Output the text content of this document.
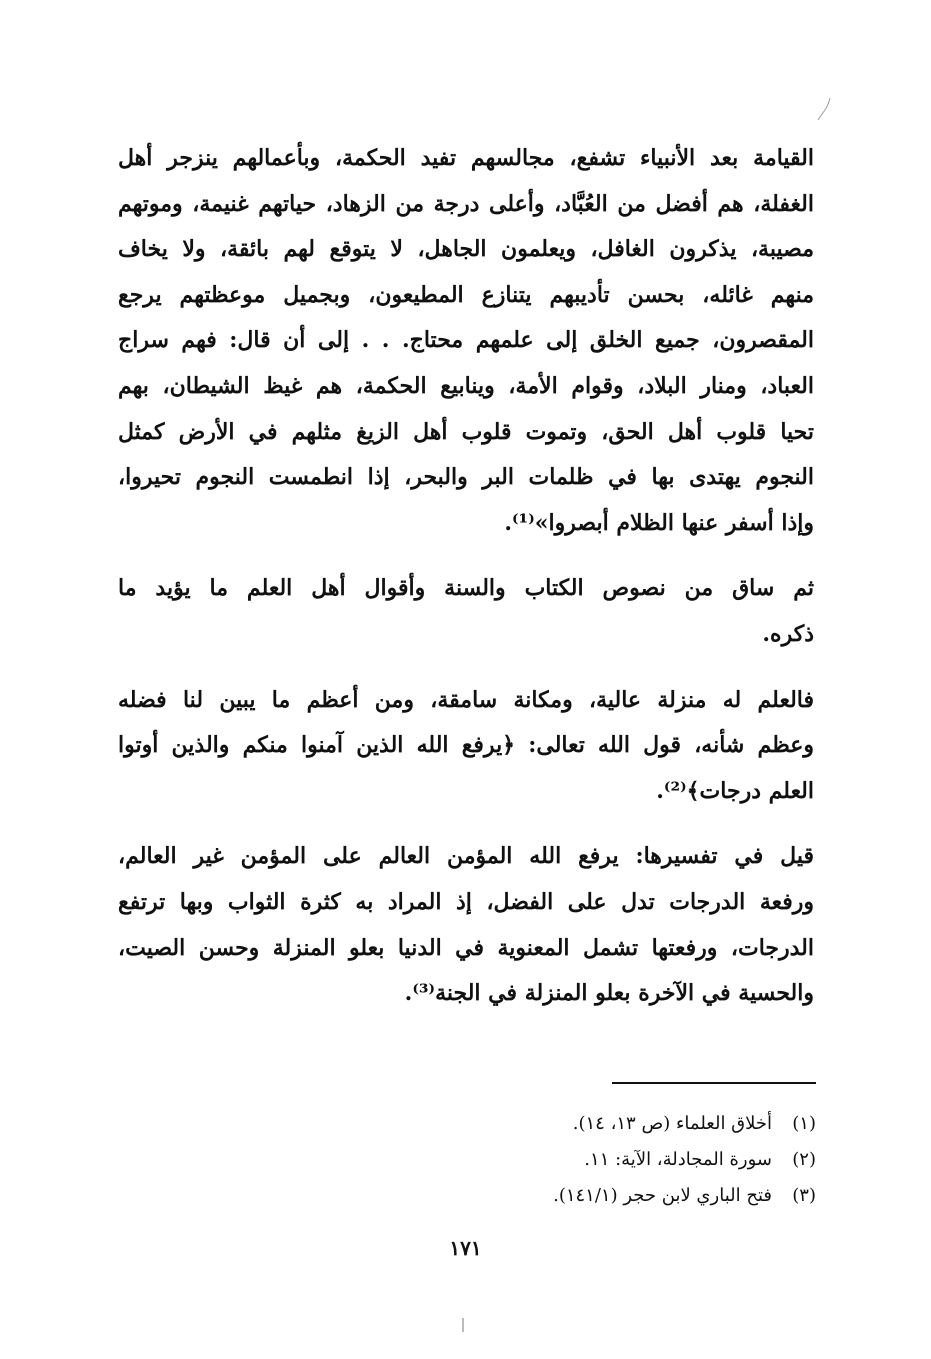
القيامة بعد الأنبياء تشفع، مجالسهم تفيد الحكمة، وبأعمالهم ينزجر أهل
الغفلة، هم أفضل من العُبَّاد، وأعلى درجة من الزهاد، حياتهم غنيمة، وموتهم
مصيبة، يذكرون الغافل، ويعلمون الجاهل، لا يتوقع لهم بائقة، ولا يخاف
منهم غائله، بحسن تأديبهم يتنازع المطيعون، وبجميل موعظتهم يرجع
المقصرون، جميع الخلق إلى علمهم محتاج. . . إلى أن قال: فهم سراج
العباد، ومنار البلاد، وقوام الأمة، وينابيع الحكمة، هم غيظ الشيطان، بهم
تحيا قلوب أهل الحق، وتموت قلوب أهل الزيغ مثلهم في الأرض كمثل
النجوم يهتدى بها في ظلمات البر والبحر، إذا انطمست النجوم تحيروا،
وإذا أسفر عنها الظلام أبصروا»⁽¹⁾.
ثم ساق من نصوص الكتاب والسنة وأقوال أهل العلم ما يؤيد ما
ذكره.
فالعلم له منزلة عالية، ومكانة سامقة، ومن أعظم ما يبين لنا فضله
وعظم شأنه، قول الله تعالى: ﴿يرفع الله الذين آمنوا منكم والذين أوتوا
العلم درجات﴾⁽²⁾.
قيل في تفسيرها: يرفع الله المؤمن العالم على المؤمن غير العالم،
ورفعة الدرجات تدل على الفضل، إذ المراد به كثرة الثواب وبها ترتفع
الدرجات، ورفعتها تشمل المعنوية في الدنيا بعلو المنزلة وحسن الصيت،
والحسية في الآخرة بعلو المنزلة في الجنة⁽³⁾.
(١)أخلاق العلماء (ص ١٣، ١٤).
(٢)سورة المجادلة، الآية: ١١.
(٣)فتح الباري لابن حجر (١٤١/١).
١٧١
